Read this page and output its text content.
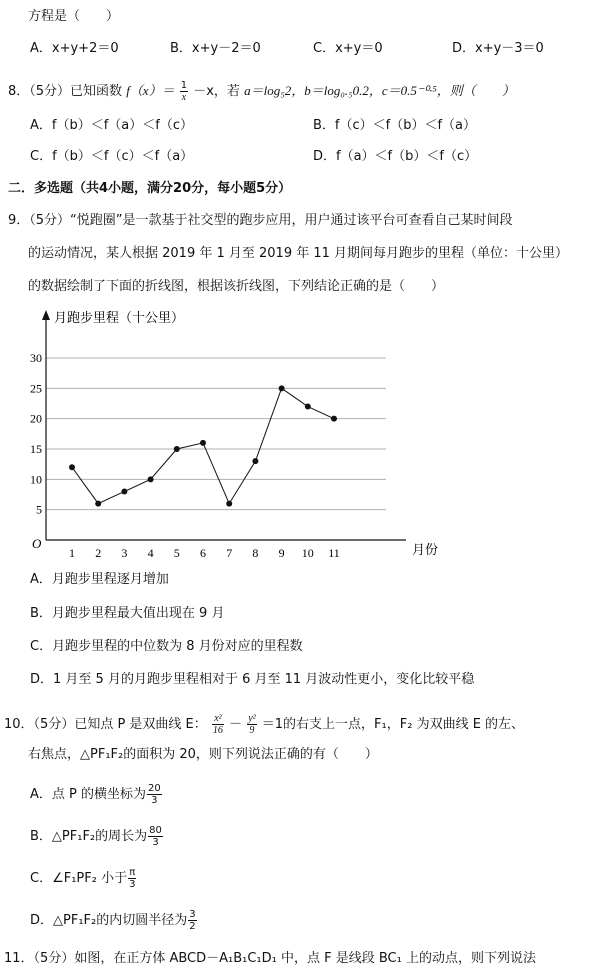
方程是（　　）
A．x+y+2＝0	B．x+y－2＝0	C．x+y＝0	D．x+y－3＝0
8．（5分）已知函数 $f(x)= \frac{1}{x} -x$，若 a＝log₅2，b＝log₀.₅0.2，c＝0.5⁻⁰·⁵，则（　　）
A．f（b）＜f（a）＜f（c）	B．f（c）＜f（b）＜f（a）
C．f（b）＜f（c）＜f（a）	D．f（a）＜f（b）＜f（c）
二．多选题（共4小题，满分20分，每小题5分）
9．（5分）“悦跑圈”是一款基于社交型的跑步应用，用户通过该平台可查看自己某时间段
的运动情况，某人根据 2019 年 1 月至 2019 年 11 月期间每月跑步的里程（单位：十公里）
的数据绘制了下面的折线图，根据该折线图，下列结论正确的是（　　）
5
10
15
20
25
30
月跑步里程（十公里）
月份
O
1 2 3 4 5 6 7 8 9 10 11
A．月跑步里程逐月增加
B．月跑步里程最大值出现在 9 月
C．月跑步里程的中位数为 8 月份对应的里程数
D．1 月至 5 月的月跑步里程相对于 6 月至 11 月波动性更小，变化比较平稳
10．（5分）已知点 P 是双曲线 E： $\frac{\text{x²}}{16} - \frac{\text{y²}}{9} =1$的右支上一点，F₁，F₂ 为双曲线 E 的左、
右焦点，△PF₁F₂的面积为 20，则下列说法正确的有（　　）
A．点 P 的横坐标为 $\frac{20}{3}$
B．△PF₁F₂的周长为 $\frac{80}{3}$
C．∠F₁PF₂ 小于 $\frac{\pi}{3}$
D．△PF₁F₂的内切圆半径为 $\frac{3}{2}$
11．（5分）如图，在正方体 ABCD－A₁B₁C₁D₁ 中，点 F 是线段 BC₁ 上的动点，则下列说法
